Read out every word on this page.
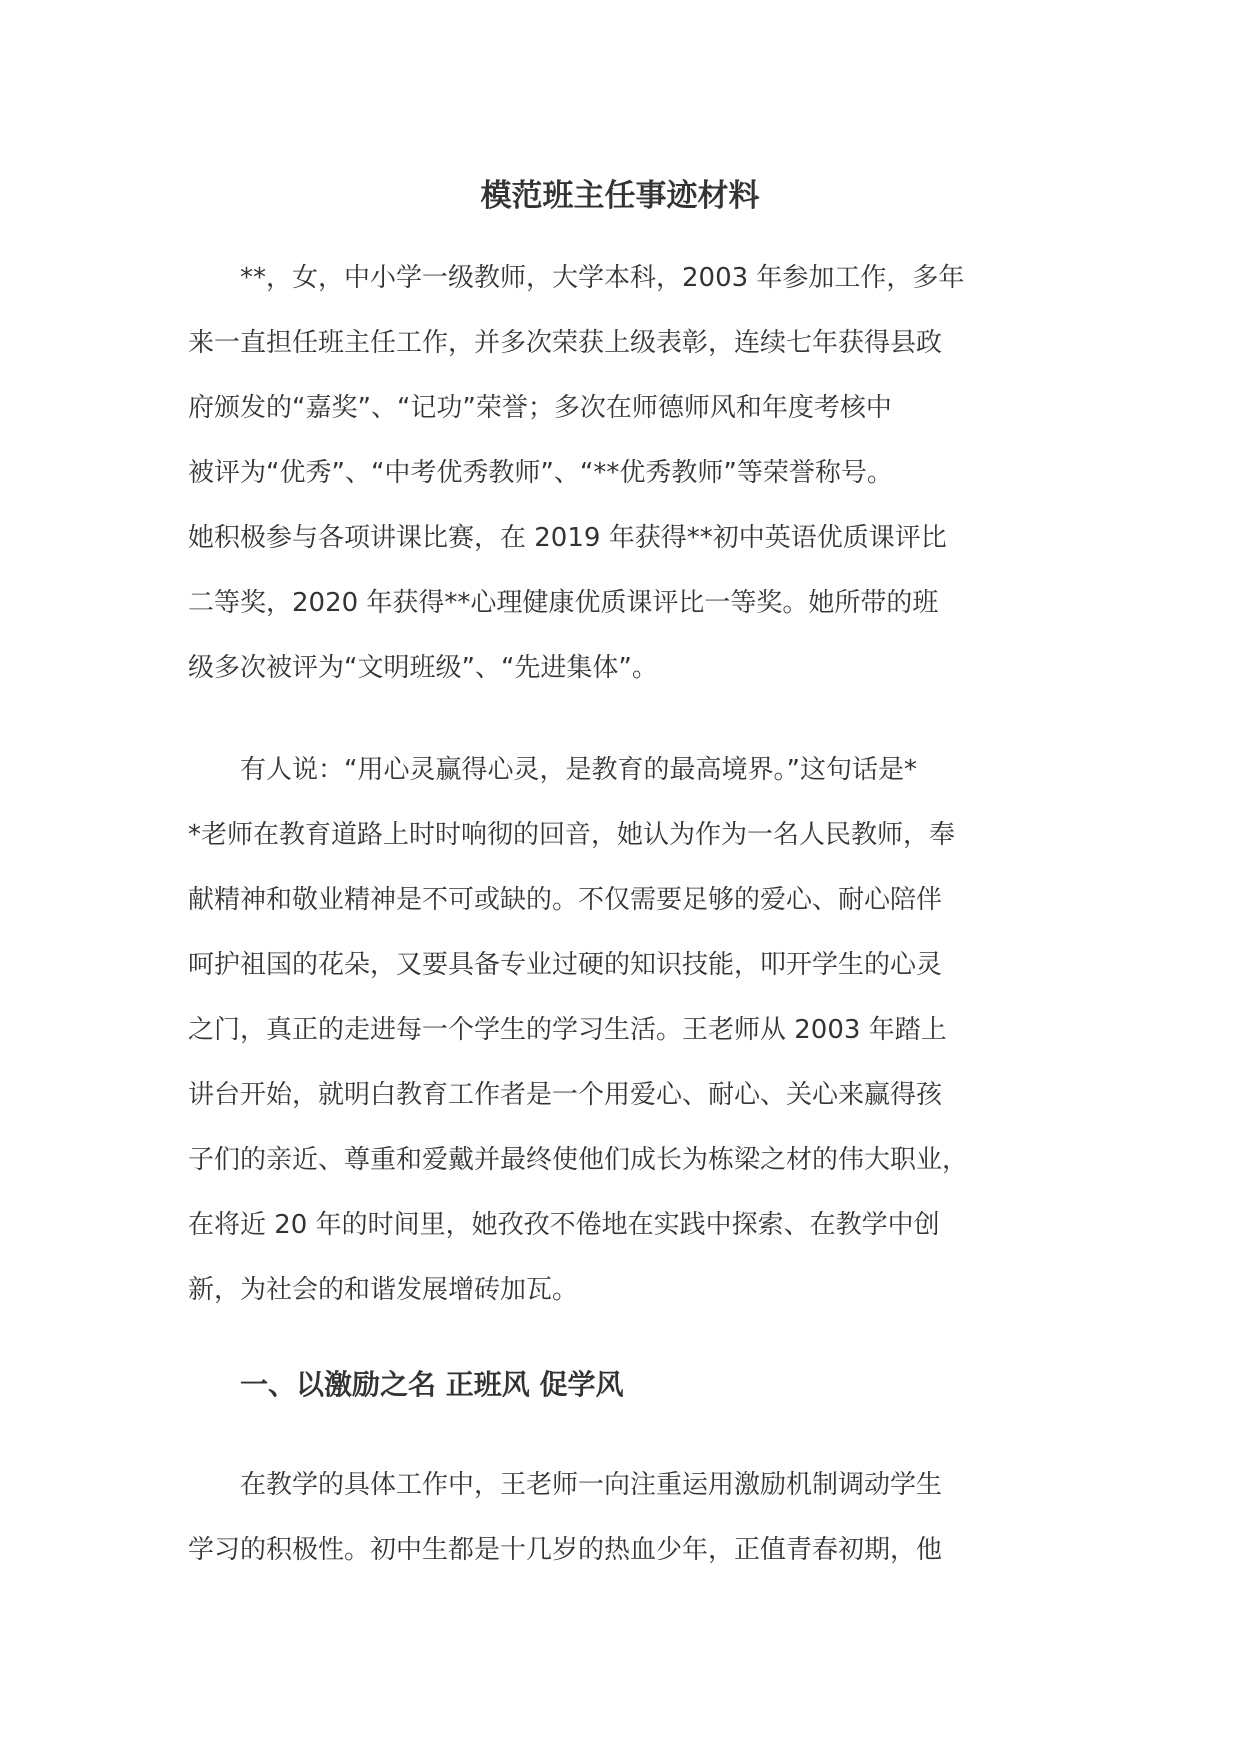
模范班主任事迹材料
**，女，中小学一级教师，大学本科，2003 年参加工作，多年
来一直担任班主任工作，并多次荣获上级表彰，连续七年获得县政
府颁发的“嘉奖”、“记功”荣誉；多次在师德师风和年度考核中
被评为“优秀”、“中考优秀教师”、“**优秀教师”等荣誉称号。
她积极参与各项讲课比赛，在 2019 年获得**初中英语优质课评比
二等奖，2020 年获得**心理健康优质课评比一等奖。她所带的班
级多次被评为“文明班级”、“先进集体”。
有人说：“用心灵赢得心灵，是教育的最高境界。”这句话是*
*老师在教育道路上时时响彻的回音，她认为作为一名人民教师，奉
献精神和敬业精神是不可或缺的。不仅需要足够的爱心、耐心陪伴
呵护祖国的花朵，又要具备专业过硬的知识技能，叩开学生的心灵
之门，真正的走进每一个学生的学习生活。王老师从 2003 年踏上
讲台开始，就明白教育工作者是一个用爱心、耐心、关心来赢得孩
子们的亲近、尊重和爱戴并最终使他们成长为栋梁之材的伟大职业，
在将近 20 年的时间里，她孜孜不倦地在实践中探索、在教学中创
新，为社会的和谐发展增砖加瓦。
一、以激励之名 正班风 促学风
在教学的具体工作中，王老师一向注重运用激励机制调动学生
学习的积极性。初中生都是十几岁的热血少年，正值青春初期，他
